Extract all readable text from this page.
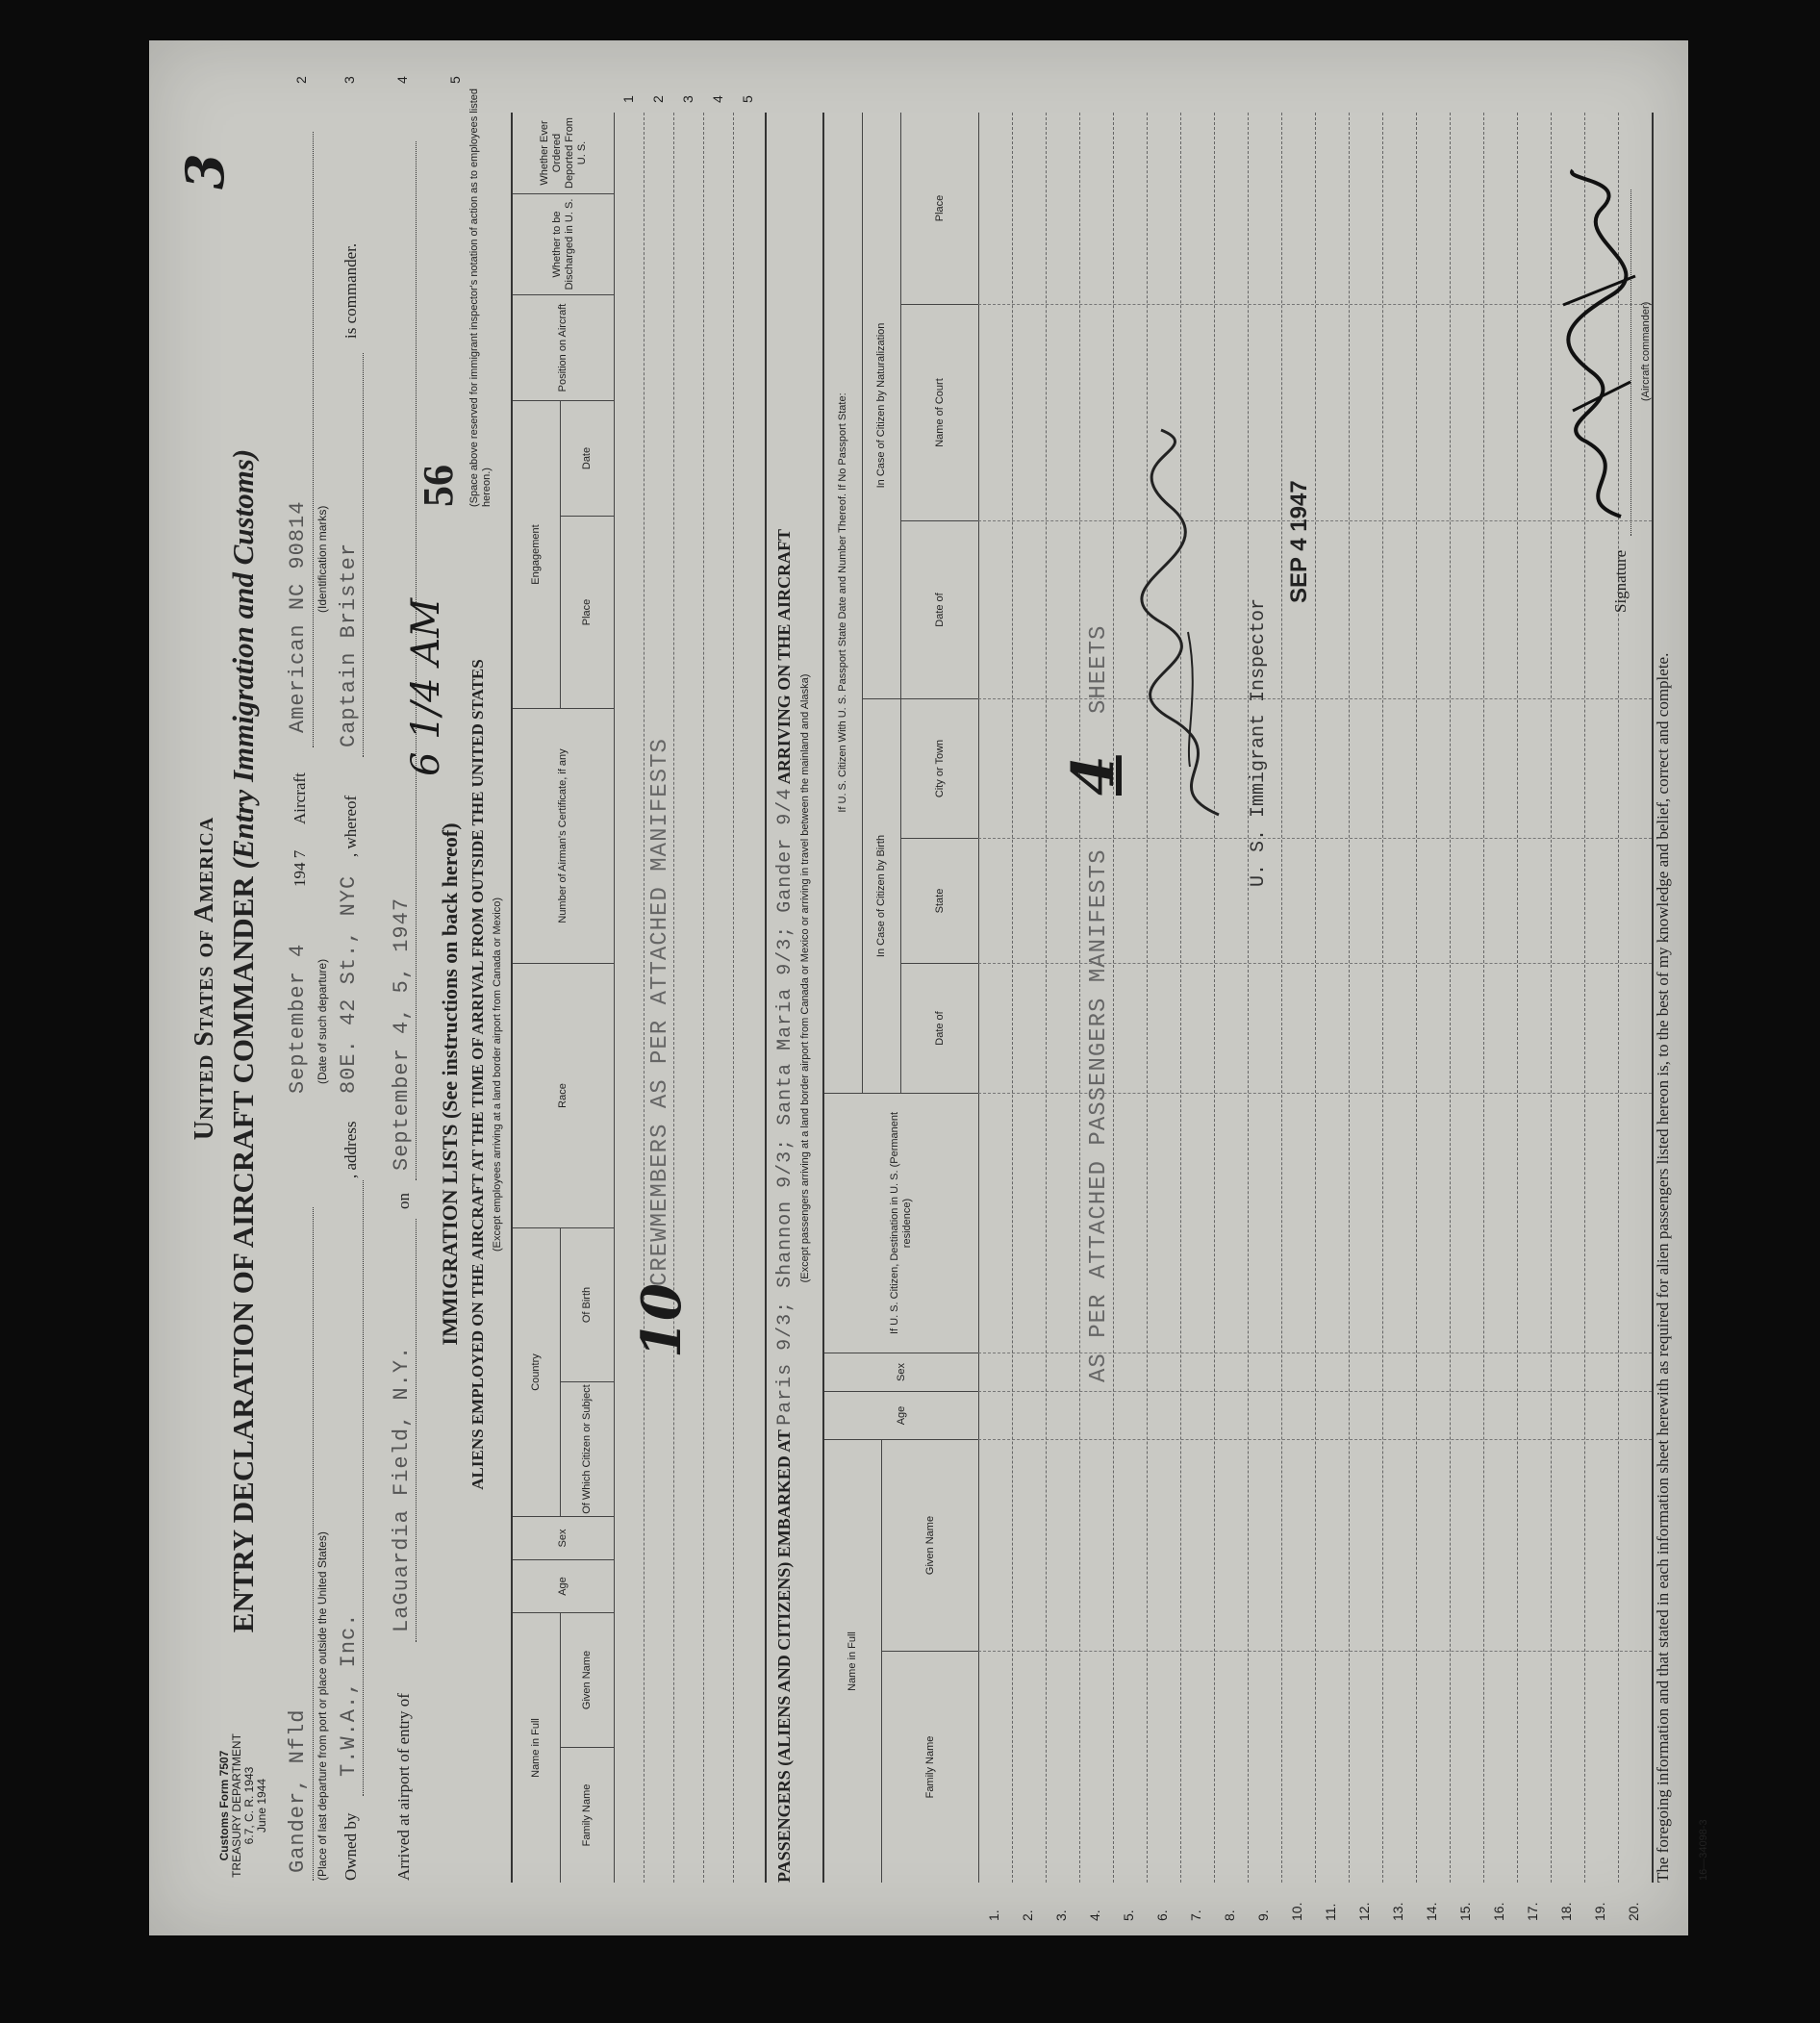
Customs Form 7507 TREASURY DEPARTMENT 6.7, C. R. 1943 June 1944
United States of America ENTRY DECLARATION OF AIRCRAFT COMMANDER (Entry Immigration and Customs)
3
Gander, Nfld (Place of last departure from port or place outside the United States)
September 4 (Date of such departure)
194 7
Aircraft
American NC 90814 (Identification marks)
2
Owned by
T.W.A., Inc.
, address
80E. 42 St., NYC
, whereof
Captain Brister
is commander.
3
Arrived at airport of entry of
LaGuardia Field, N.Y.
on
September 4, 5, 1947
4
6 1/4 AM
56 (Space above reserved for immigrant inspector's notation of action as to employees listed hereon.)
5
IMMIGRATION LISTS (See instructions on back hereof) ALIENS EMPLOYED ON THE AIRCRAFT AT THE TIME OF ARRIVAL FROM OUTSIDE THE UNITED STATES (Except employees arriving at a land border airport from Canada or Mexico)
Name in Full
Family Name
Given Name
Age
Sex
Country
Of Which Citizen or Subject
Of Birth
Race
Number of Airman's Certificate, if any
Engagement
Place
Date
Position on Aircraft
Whether to be Discharged in U. S.
Whether Ever Ordered Deported From U. S.
1 2 3 4 5
10
CREWMEMBERS AS PER ATTACHED MANIFESTS
PASSENGERS (ALIENS AND CITIZENS) EMBARKED AT Paris 9/3; Shannon 9/3; Santa Maria 9/3; Gander 9/4 ARRIVING ON THE AIRCRAFT
(Except passengers arriving at a land border airport from Canada or Mexico or arriving in travel between the mainland and Alaska)
Name in Full
Family Name
Given Name
Age
Sex
If U. S. Citizen, Destination in U. S. (Permanent residence)
If U. S. Citizen With U. S. Passport State Date and Number Thereof. If No Passport State:
In Case of Citizen by Birth
Date of
State
City or Town
In Case of Citizen by Naturalization
Date of
Name of Court
Place
1. 2. 3. 4. 5. 6. 7. 8. 9. 10. 11. 12. 13. 14. 15. 16. 17. 18. 19. 20.
AS PER ATTACHED PASSENGERS MANIFESTS
4
SHEETS	U. S. Immigrant Inspector
SEP 4 1947
The foregoing information and that stated in each information sheet herewith as required for alien passengers listed hereon is, to the best of my knowledge and belief, correct and complete. 16—34098-3
Signature
(Aircraft commander)
